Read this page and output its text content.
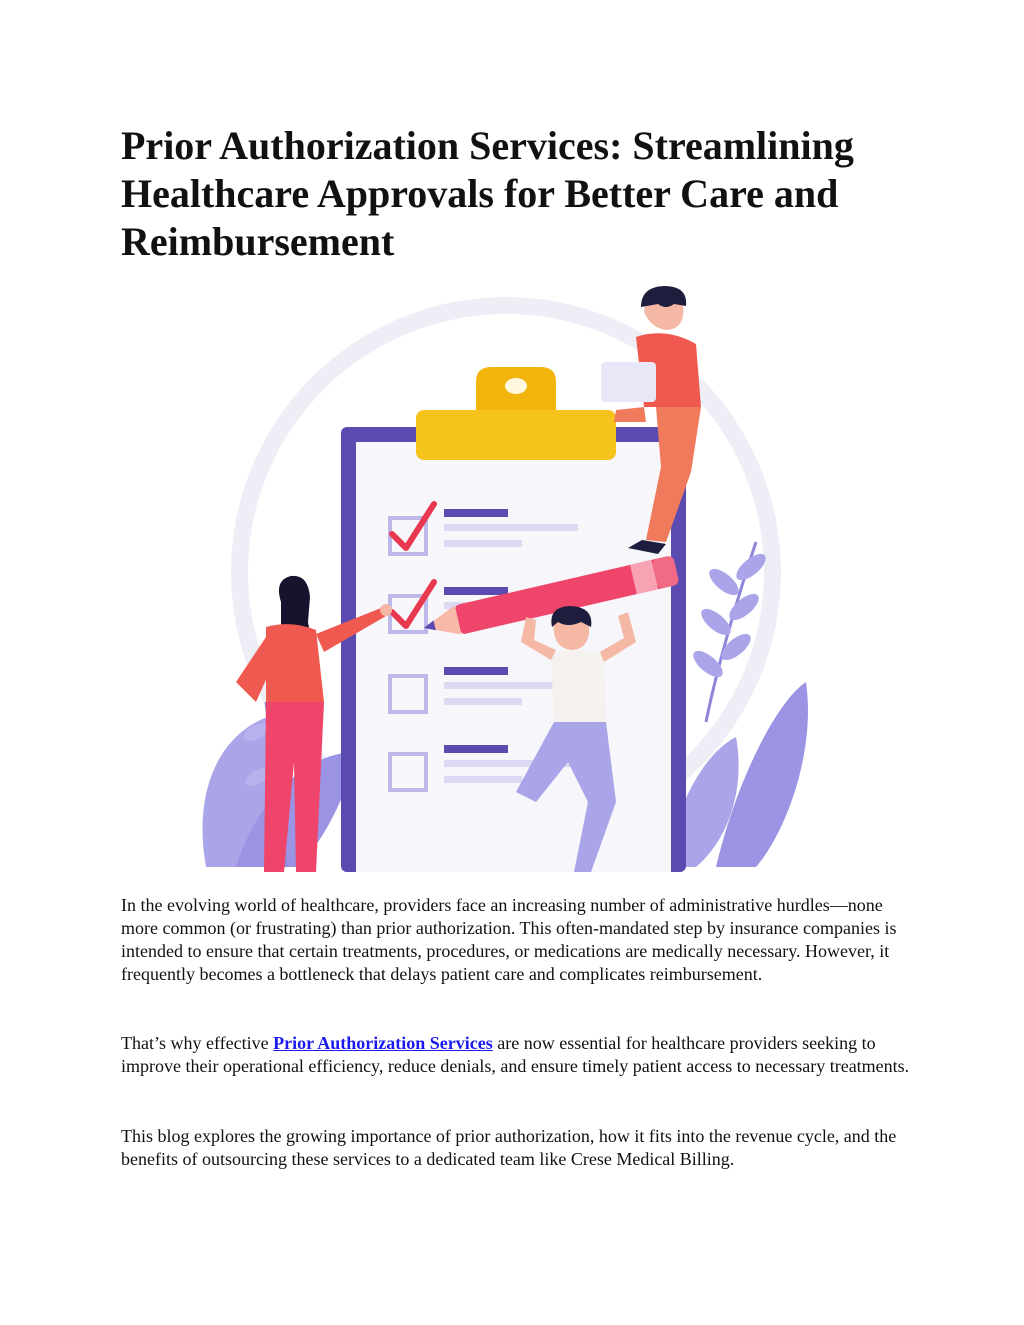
Prior Authorization Services: Streamlining Healthcare Approvals for Better Care and Reimbursement

In the evolving world of healthcare, providers face an increasing number of administrative hurdles—none more common (or frustrating) than prior authorization. This often-mandated step by insurance companies is intended to ensure that certain treatments, procedures, or medications are medically necessary. However, it frequently becomes a bottleneck that delays patient care and complicates reimbursement.

That’s why effective Prior Authorization Services are now essential for healthcare providers seeking to improve their operational efficiency, reduce denials, and ensure timely patient access to necessary treatments.

This blog explores the growing importance of prior authorization, how it fits into the revenue cycle, and the benefits of outsourcing these services to a dedicated team like Crese Medical Billing.
